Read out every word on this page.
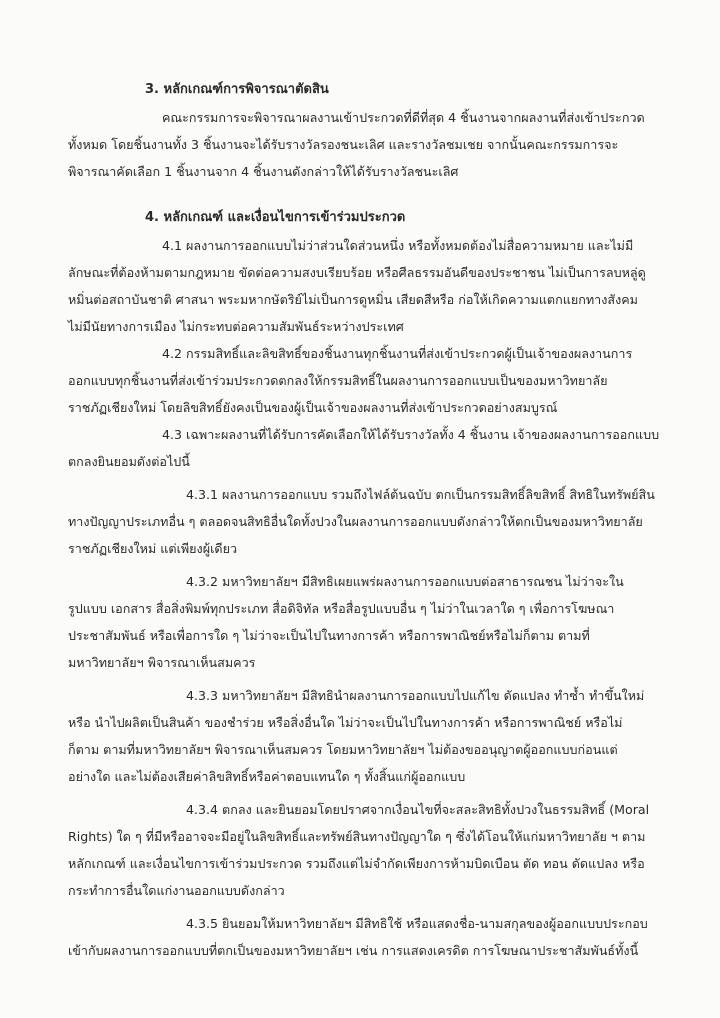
3. หลักเกณฑ์การพิจารณาตัดสิน

คณะกรรมการจะพิจารณาผลงานเข้าประกวดที่ดีที่สุด 4 ชิ้นงานจากผลงานที่ส่งเข้าประกวด

ทั้งหมด โดยชิ้นงานทั้ง 3 ชิ้นงานจะได้รับรางวัลรองชนะเลิศ และรางวัลชมเชย จากนั้นคณะกรรมการจะ

พิจารณาคัดเลือก 1 ชิ้นงานจาก 4 ชิ้นงานดังกล่าวให้ได้รับรางวัลชนะเลิศ

4. หลักเกณฑ์ และเงื่อนไขการเข้าร่วมประกวด

4.1 ผลงานการออกแบบไม่ว่าส่วนใดส่วนหนึ่ง หรือทั้งหมดต้องไม่สื่อความหมาย และไม่มี

ลักษณะที่ต้องห้ามตามกฎหมาย ขัดต่อความสงบเรียบร้อย หรือศีลธรรมอันดีของประชาชน ไม่เป็นการลบหลู่ดู

หมิ่นต่อสถาบันชาติ ศาสนา พระมหากษัตริย์ไม่เป็นการดูหมิ่น เสียดสีหรือ ก่อให้เกิดความแตกแยกทางสังคม

ไม่มีนัยทางการเมือง ไม่กระทบต่อความสัมพันธ์ระหว่างประเทศ

4.2 กรรมสิทธิ์และลิขสิทธิ์ของชิ้นงานทุกชิ้นงานที่ส่งเข้าประกวดผู้เป็นเจ้าของผลงานการ

ออกแบบทุกชิ้นงานที่ส่งเข้าร่วมประกวดตกลงให้กรรมสิทธิ์ในผลงานการออกแบบเป็นของมหาวิทยาลัย

ราชภัฏเชียงใหม่ โดยลิขสิทธิ์ยังคงเป็นของผู้เป็นเจ้าของผลงานที่ส่งเข้าประกวดอย่างสมบูรณ์

4.3 เฉพาะผลงานที่ได้รับการคัดเลือกให้ได้รับรางวัลทั้ง 4 ชิ้นงาน เจ้าของผลงานการออกแบบ

ตกลงยินยอมดังต่อไปนี้

4.3.1 ผลงานการออกแบบ รวมถึงไฟล์ต้นฉบับ ตกเป็นกรรมสิทธิ์ลิขสิทธิ์ สิทธิในทรัพย์สิน

ทางปัญญาประเภทอื่น ๆ ตลอดจนสิทธิอื่นใดทั้งปวงในผลงานการออกแบบดังกล่าวให้ตกเป็นของมหาวิทยาลัย

ราชภัฏเชียงใหม่ แต่เพียงผู้เดียว

4.3.2 มหาวิทยาลัยฯ มีสิทธิเผยแพร่ผลงานการออกแบบต่อสาธารณชน ไม่ว่าจะใน

รูปแบบ เอกสาร สื่อสิ่งพิมพ์ทุกประเภท สื่อดิจิทัล หรือสื่อรูปแบบอื่น ๆ ไม่ว่าในเวลาใด ๆ เพื่อการโฆษณา

ประชาสัมพันธ์ หรือเพื่อการใด ๆ ไม่ว่าจะเป็นไปในทางการค้า หรือการพาณิชย์หรือไม่ก็ตาม ตามที่

มหาวิทยาลัยฯ พิจารณาเห็นสมควร

4.3.3 มหาวิทยาลัยฯ มีสิทธินำผลงานการออกแบบไปแก้ไข ดัดแปลง ทำซ้ำ ทำขึ้นใหม่

หรือ นำไปผลิตเป็นสินค้า ของชำร่วย หรือสิ่งอื่นใด ไม่ว่าจะเป็นไปในทางการค้า หรือการพาณิชย์ หรือไม่

ก็ตาม ตามที่มหาวิทยาลัยฯ พิจารณาเห็นสมควร โดยมหาวิทยาลัยฯ ไม่ต้องขออนุญาตผู้ออกแบบก่อนแต่

อย่างใด และไม่ต้องเสียค่าลิขสิทธิ์หรือค่าตอบแทนใด ๆ ทั้งสิ้นแก่ผู้ออกแบบ

4.3.4 ตกลง และยินยอมโดยปราศจากเงื่อนไขที่จะสละสิทธิทั้งปวงในธรรมสิทธิ์ (Moral

Rights) ใด ๆ ที่มีหรืออาจจะมีอยู่ในลิขสิทธิ์และทรัพย์สินทางปัญญาใด ๆ ซึ่งได้โอนให้แก่มหาวิทยาลัย ฯ ตาม

หลักเกณฑ์ และเงื่อนไขการเข้าร่วมประกวด รวมถึงแต่ไม่จำกัดเพียงการห้ามบิดเบือน ตัด ทอน ดัดแปลง หรือ

กระทำการอื่นใดแก่งานออกแบบดังกล่าว

4.3.5 ยินยอมให้มหาวิทยาลัยฯ มีสิทธิใช้ หรือแสดงชื่อ-นามสกุลของผู้ออกแบบประกอบ

เข้ากับผลงานการออกแบบที่ตกเป็นของมหาวิทยาลัยฯ เช่น การแสดงเครดิต การโฆษณาประชาสัมพันธ์ทั้งนี้
